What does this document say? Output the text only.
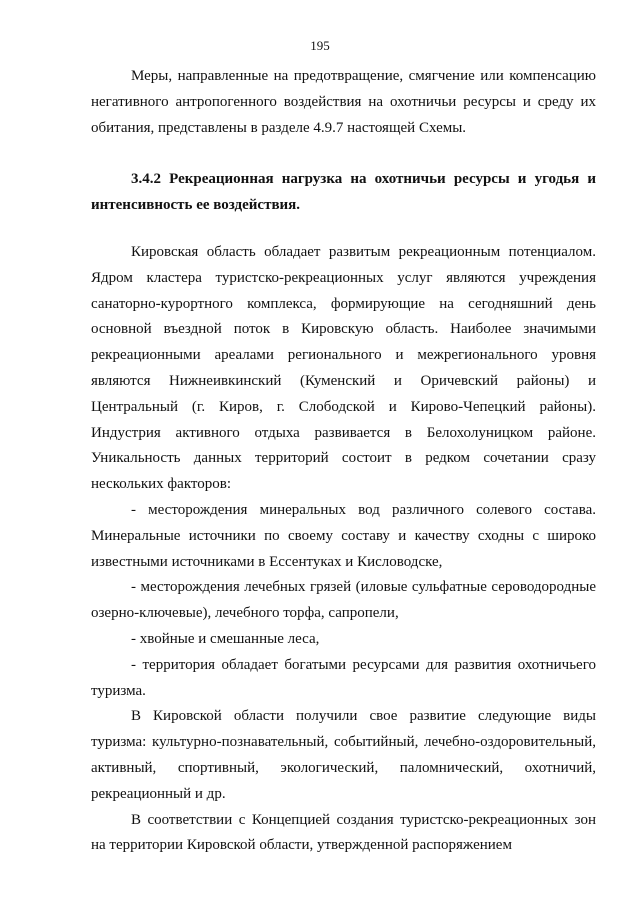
195

Меры, направленные на предотвращение, смягчение или компенсацию негативного антропогенного воздействия на охотничьи ресурсы и среду их обитания, представлены в разделе 4.9.7 настоящей Схемы.

3.4.2 Рекреационная нагрузка на охотничьи ресурсы и угодья и интенсивность ее воздействия.

Кировская область обладает развитым рекреационным потенциалом. Ядром кластера туристско-рекреационных услуг являются учреждения санаторно-курортного комплекса, формирующие на сегодняшний день основной въездной поток в Кировскую область. Наиболее значимыми рекреационными ареалами регионального и межрегионального уровня являются Нижнеивкинский (Куменский и Оричевский районы) и Центральный (г. Киров, г. Слободской и Кирово-Чепецкий районы). Индустрия активного отдыха развивается в Белохолуницком районе. Уникальность данных территорий состоит в редком сочетании сразу нескольких факторов:

- месторождения минеральных вод различного солевого состава. Минеральные источники по своему составу и качеству сходны с широко известными источниками в Ессентуках и Кисловодске,

- месторождения лечебных грязей (иловые сульфатные сероводородные озерно-ключевые), лечебного торфа, сапропели,

- хвойные и смешанные леса,

- территория обладает богатыми ресурсами для развития охотничьего туризма.

В Кировской области получили свое развитие следующие виды туризма: культурно-познавательный, событийный, лечебно-оздоровительный, активный, спортивный, экологический, паломнический, охотничий, рекреационный и др.

В соответствии с Концепцией создания туристско-рекреационных зон на территории Кировской области, утвержденной распоряжением
